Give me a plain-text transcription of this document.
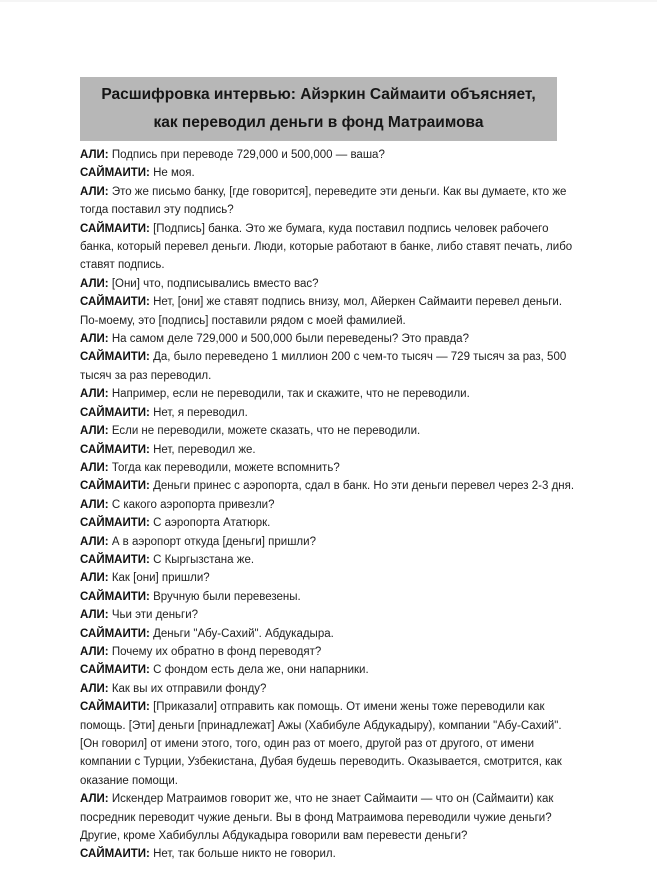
Расшифровка интервью: Айэркин Саймаити объясняет,
как переводил деньги в фонд Матраимова

АЛИ: Подпись при переводе 729,000 и 500,000 — ваша?

САЙМАИТИ: Не моя.

АЛИ: Это же письмо банку, [где говорится], переведите эти деньги. Как вы думаете, кто же тогда поставил эту подпись?

САЙМАИТИ: [Подпись] банка. Это же бумага, куда поставил подпись человек рабочего банка, который перевел деньги. Люди, которые работают в банке, либо ставят печать, либо ставят подпись.

АЛИ: [Они] что, подписывались вместо вас?

САЙМАИТИ: Нет, [они] же ставят подпись внизу, мол, Айеркен Саймаити перевел деньги. По-моему, это [подпись] поставили рядом с моей фамилией.

АЛИ: На самом деле 729,000 и 500,000 были переведены? Это правда?

САЙМАИТИ: Да, было переведено 1 миллион 200 с чем-то тысяч — 729 тысяч за раз, 500 тысяч за раз переводил.

АЛИ: Например, если не переводили, так и скажите, что не переводили.

САЙМАИТИ: Нет, я переводил.

АЛИ: Если не переводили, можете сказать, что не переводили.

САЙМАИТИ: Нет, переводил же.

АЛИ: Тогда как переводили, можете вспомнить?

САЙМАИТИ: Деньги принес с аэропорта, сдал в банк. Но эти деньги перевел через 2-3 дня.

АЛИ: С какого аэропорта привезли?

САЙМАИТИ: С аэропорта Ататюрк.

АЛИ: А в аэропорт откуда [деньги] пришли?

САЙМАИТИ: С Кыргызстана же.

АЛИ: Как [они] пришли?

САЙМАИТИ: Вручную были перевезены.

АЛИ: Чьи эти деньги?

САЙМАИТИ: Деньги "Абу-Сахий". Абдукадыра.

АЛИ: Почему их обратно в фонд переводят?

САЙМАИТИ: С фондом есть дела же, они напарники.

АЛИ: Как вы их отправили фонду?

САЙМАИТИ: [Приказали] отправить как помощь. От имени жены тоже переводили как помощь. [Эти] деньги [принадлежат] Ажы (Хабибуле Абдукадыру), компании "Абу-Сахий". [Он говорил] от имени этого, того, один раз от моего, другой раз от другого, от имени компании с Турции, Узбекистана, Дубая будешь переводить. Оказывается, смотрится, как оказание помощи.

АЛИ: Искендер Матраимов говорит же, что не знает Саймаити — что он (Саймаити) как посредник переводит чужие деньги. Вы в фонд Матраимова переводили чужие деньги? Другие, кроме Хабибуллы Абдукадыра говорили вам перевести деньги?

САЙМАИТИ: Нет, так больше никто не говорил.
